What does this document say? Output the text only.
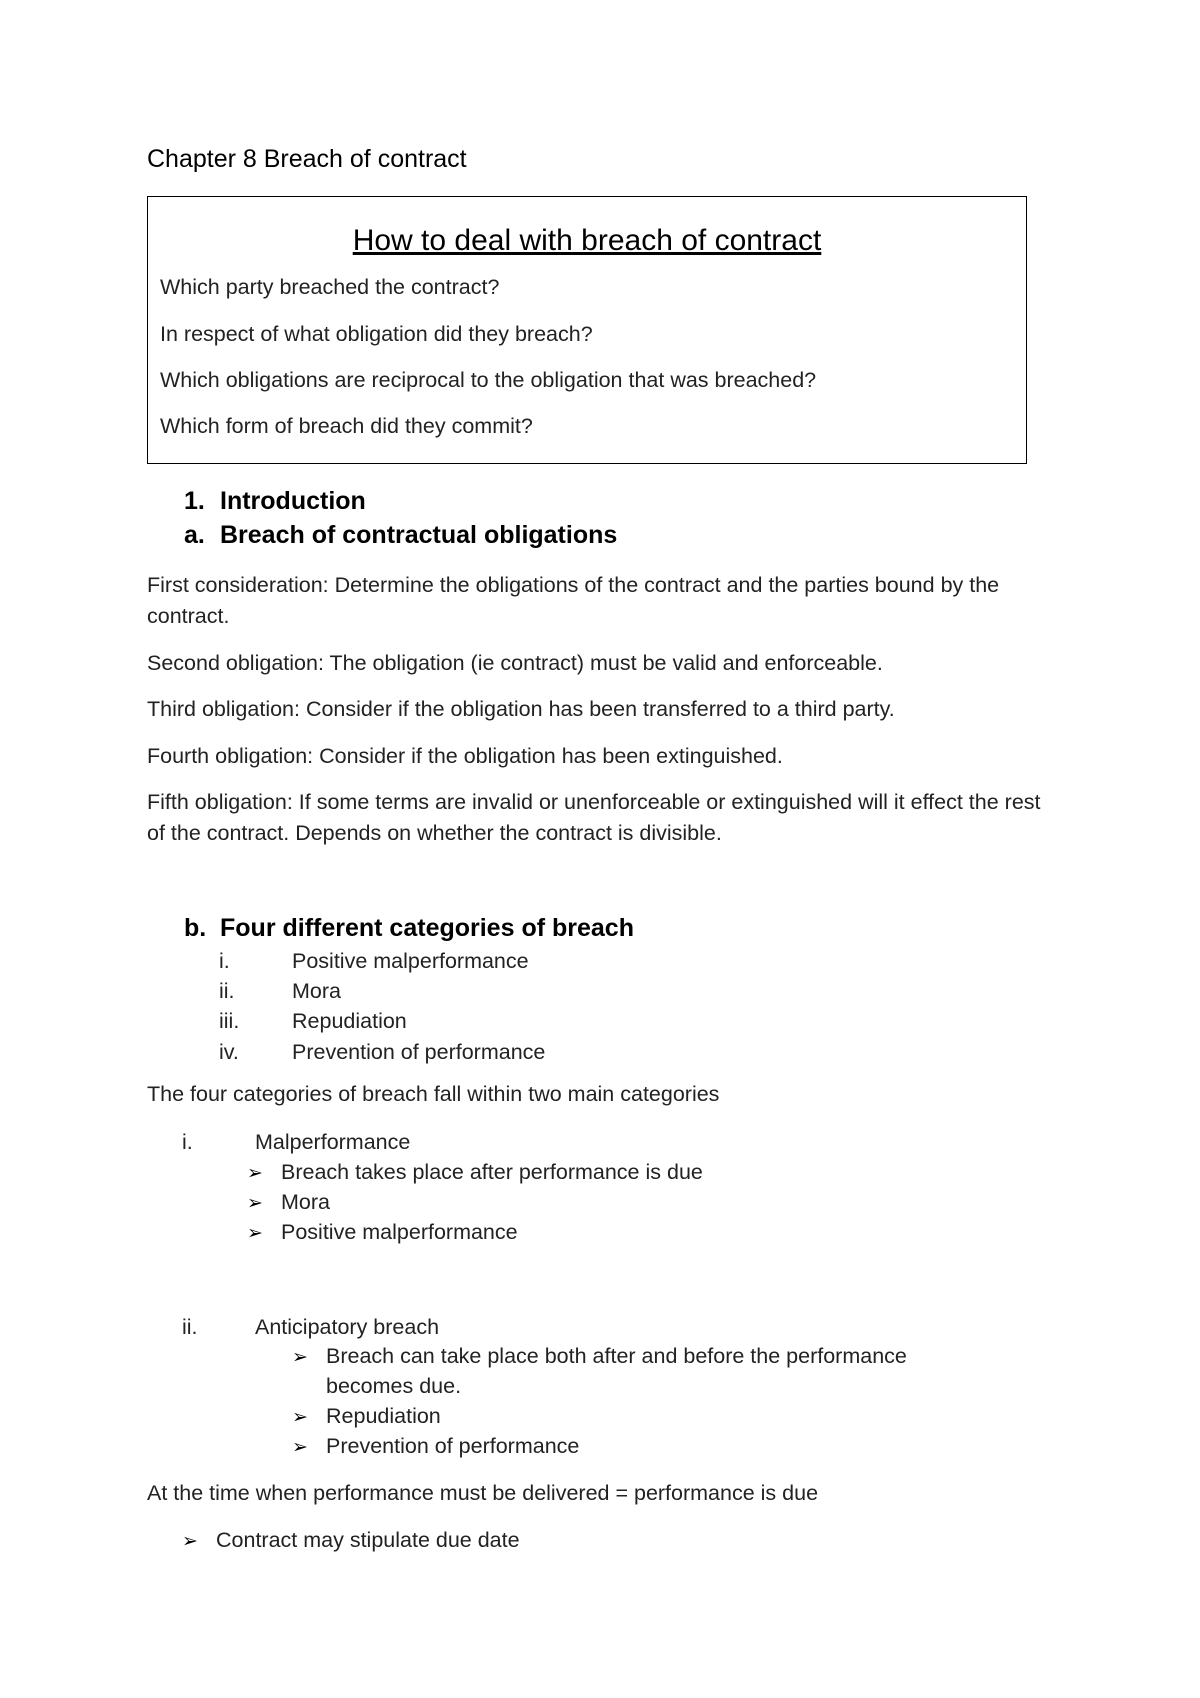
Chapter 8 Breach of contract
How to deal with breach of contract
Which party breached the contract?
In respect of what obligation did they breach?
Which obligations are reciprocal to the obligation that was breached?
Which form of breach did they commit?
1. Introduction
a. Breach of contractual obligations
First consideration: Determine the obligations of the contract and the parties bound by the contract.
Second obligation: The obligation (ie contract) must be valid and enforceable.
Third obligation: Consider if the obligation has been transferred to a third party.
Fourth obligation: Consider if the obligation has been extinguished.
Fifth obligation: If some terms are invalid or unenforceable or extinguished will it effect the rest of the contract. Depends on whether the contract is divisible.
b. Four different categories of breach
i.	Positive malperformance
ii.	Mora
iii. Repudiation
iv. Prevention of performance
The four categories of breach fall within two main categories
i.	Malperformance
➢ Breach takes place after performance is due
➢ Mora
➢ Positive malperformance
ii.	Anticipatory breach
➢ Breach can take place both after and before the performance
becomes due.
➢ Repudiation
➢ Prevention of performance
At the time when performance must be delivered = performance is due
➢ Contract may stipulate due date
